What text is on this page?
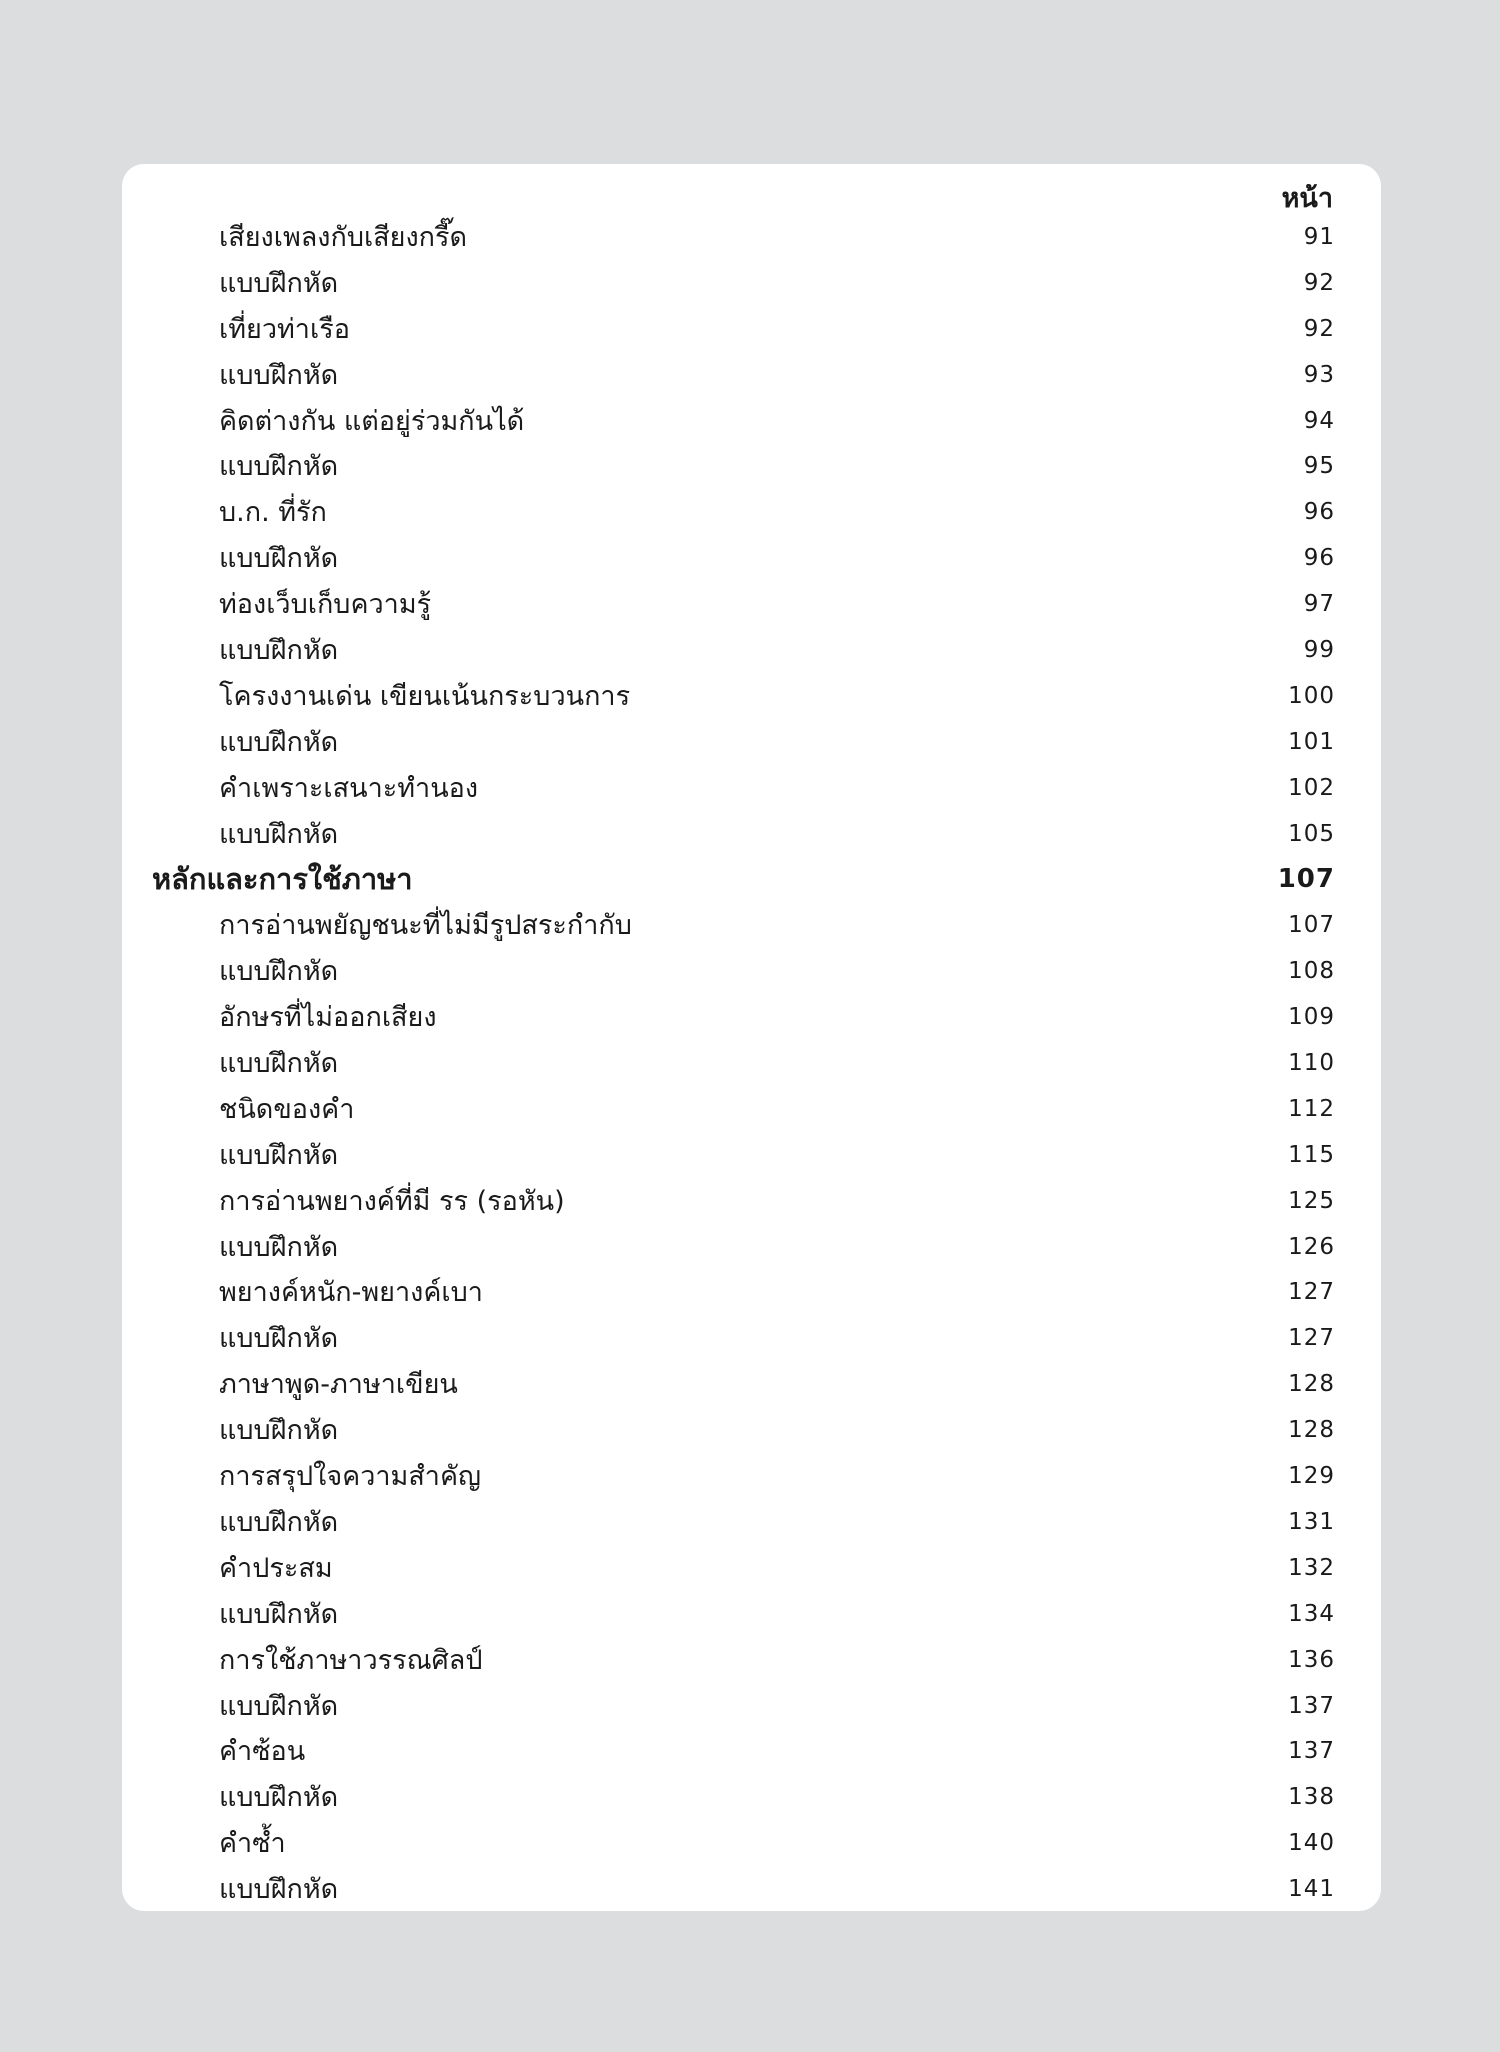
หน้า
เสียงเพลงกับเสียงกรี๊ด	91
แบบฝึกหัด	92
เที่ยวท่าเรือ	92
แบบฝึกหัด	93
คิดต่างกัน แต่อยู่ร่วมกันได้	94
แบบฝึกหัด	95
บ.ก. ที่รัก	96
แบบฝึกหัด	96
ท่องเว็บเก็บความรู้	97
แบบฝึกหัด	99
โครงงานเด่น เขียนเน้นกระบวนการ	100
แบบฝึกหัด	101
คำเพราะเสนาะทำนอง	102
แบบฝึกหัด	105
หลักและการใช้ภาษา	107
การอ่านพยัญชนะที่ไม่มีรูปสระกำกับ	107
แบบฝึกหัด	108
อักษรที่ไม่ออกเสียง	109
แบบฝึกหัด	110
ชนิดของคำ	112
แบบฝึกหัด	115
การอ่านพยางค์ที่มี รร (รอหัน)	125
แบบฝึกหัด	126
พยางค์หนัก-พยางค์เบา	127
แบบฝึกหัด	127
ภาษาพูด-ภาษาเขียน	128
แบบฝึกหัด	128
การสรุปใจความสำคัญ	129
แบบฝึกหัด	131
คำประสม	132
แบบฝึกหัด	134
การใช้ภาษาวรรณศิลป์	136
แบบฝึกหัด	137
คำซ้อน	137
แบบฝึกหัด	138
คำซ้ำ	140
แบบฝึกหัด	141
